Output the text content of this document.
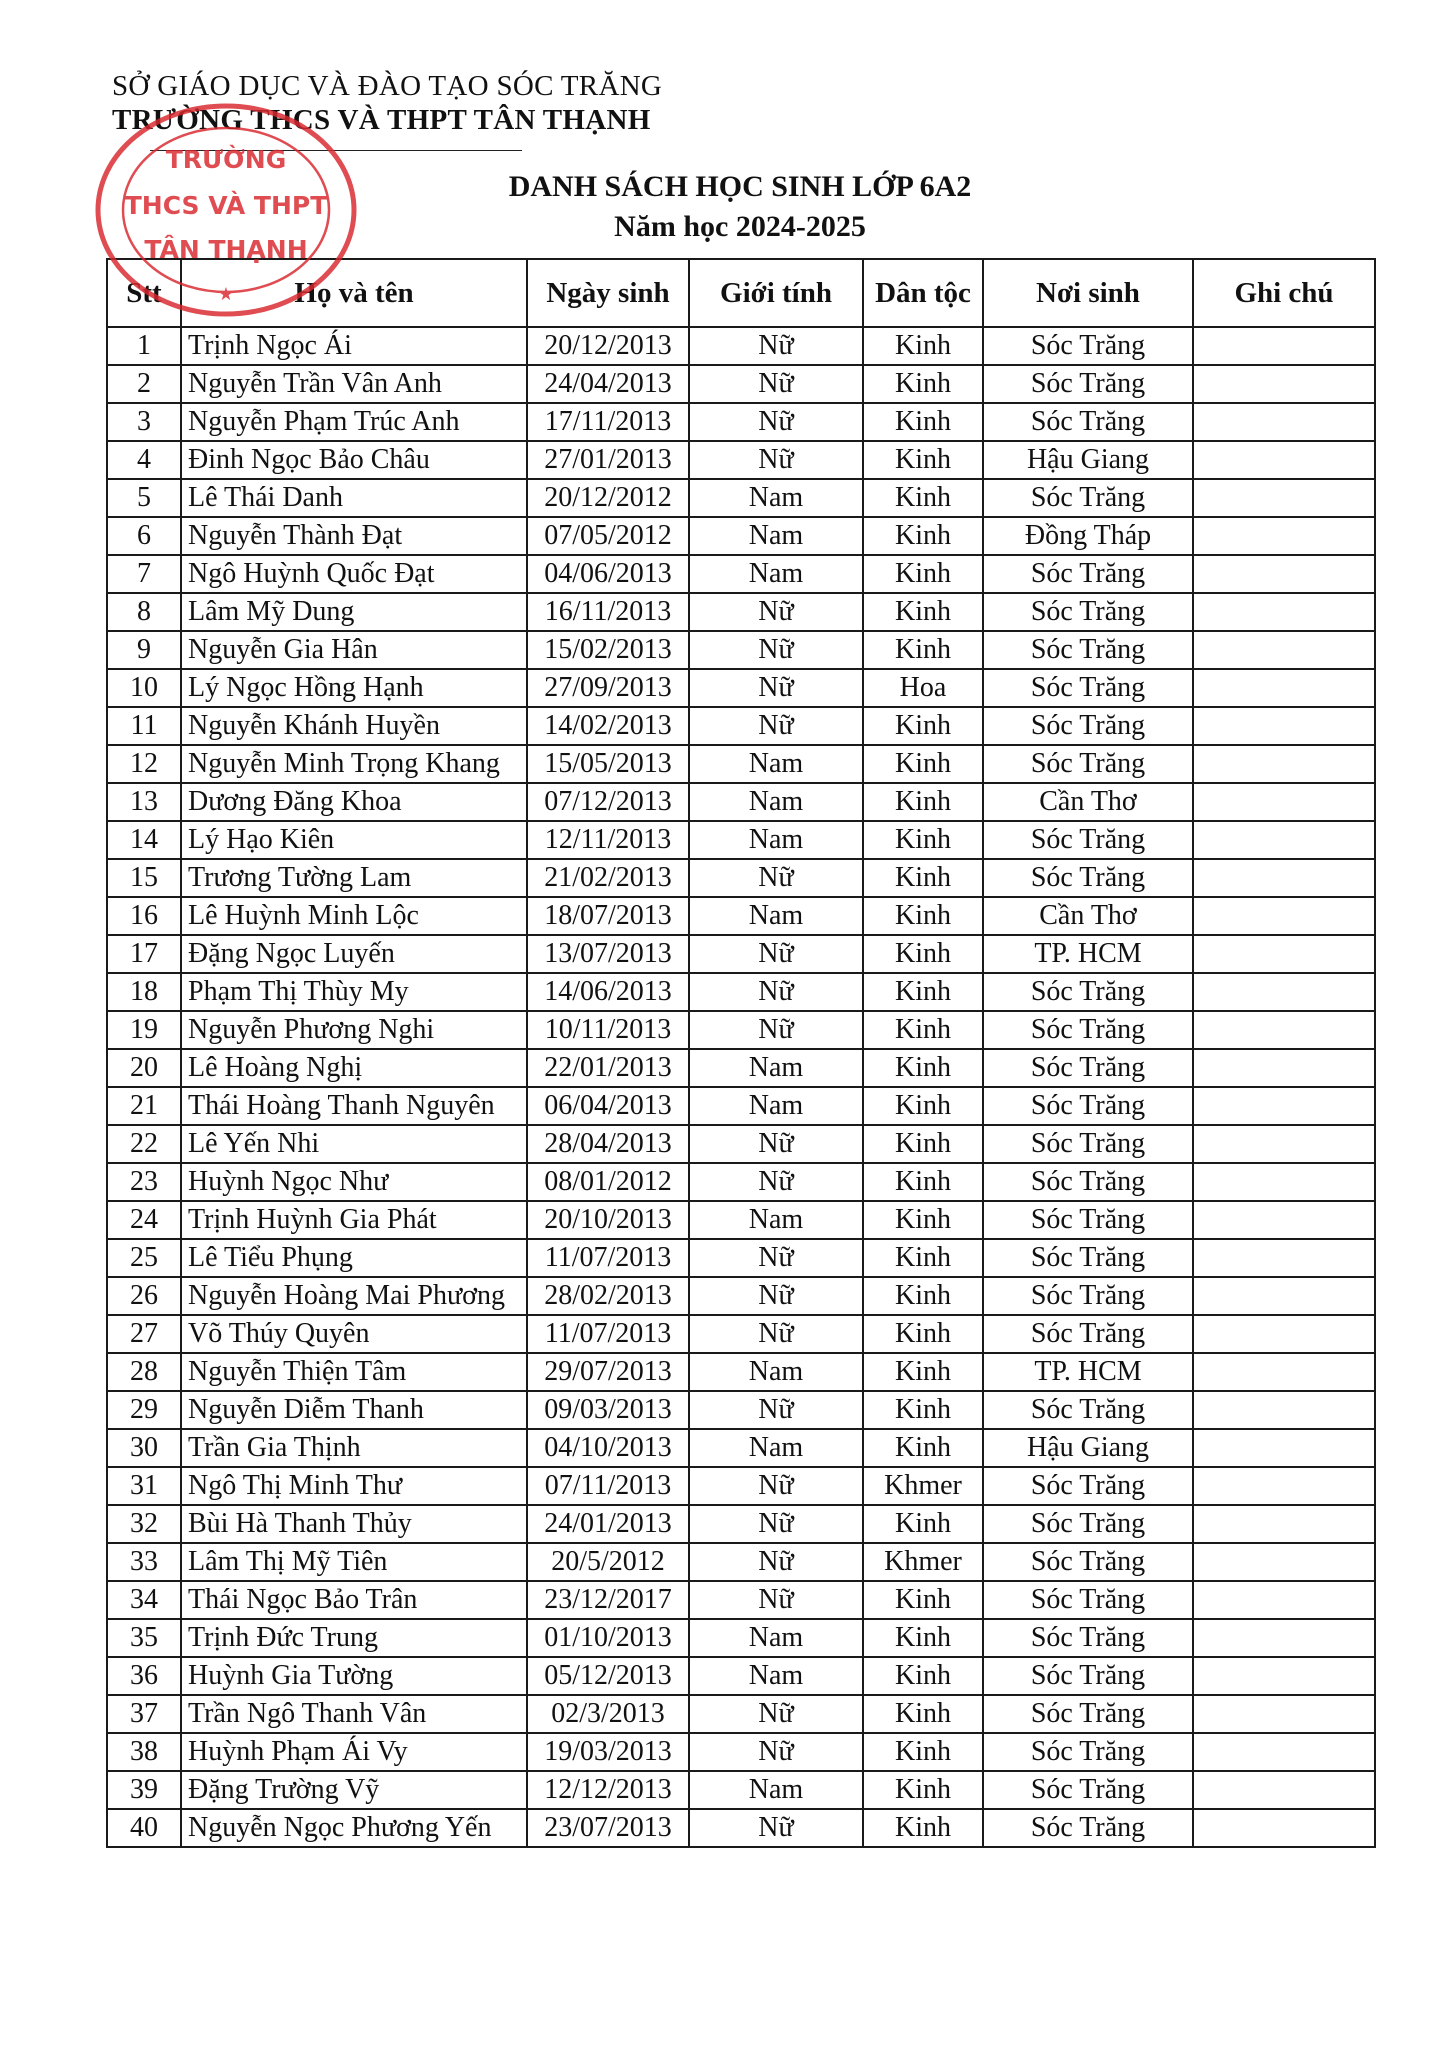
SỞ GIÁO DỤC VÀ ĐÀO TẠO SÓC TRĂNG
TRƯỜNG THCS VÀ THPT TÂN THẠNH
DANH SÁCH HỌC SINH LỚP 6A2
Năm học 2024-2025
TRƯỜNG
THCS VÀ THPT
TÂN THẠNH
★
Stt	Họ và tên	Ngày sinh	Giới tính	Dân tộc	Nơi sinh	Ghi chú
1	Trịnh Ngọc Ái	20/12/2013	Nữ	Kinh	Sóc Trăng	
2	Nguyễn Trần Vân Anh	24/04/2013	Nữ	Kinh	Sóc Trăng	
3	Nguyễn Phạm Trúc Anh	17/11/2013	Nữ	Kinh	Sóc Trăng	
4	Đinh Ngọc Bảo Châu	27/01/2013	Nữ	Kinh	Hậu Giang	
5	Lê Thái Danh	20/12/2012	Nam	Kinh	Sóc Trăng	
6	Nguyễn Thành Đạt	07/05/2012	Nam	Kinh	Đồng Tháp	
7	Ngô Huỳnh Quốc Đạt	04/06/2013	Nam	Kinh	Sóc Trăng	
8	Lâm Mỹ Dung	16/11/2013	Nữ	Kinh	Sóc Trăng	
9	Nguyễn Gia Hân	15/02/2013	Nữ	Kinh	Sóc Trăng	
10	Lý Ngọc Hồng Hạnh	27/09/2013	Nữ	Hoa	Sóc Trăng	
11	Nguyễn Khánh Huyền	14/02/2013	Nữ	Kinh	Sóc Trăng	
12	Nguyễn Minh Trọng Khang	15/05/2013	Nam	Kinh	Sóc Trăng	
13	Dương Đăng Khoa	07/12/2013	Nam	Kinh	Cần Thơ	
14	Lý Hạo Kiên	12/11/2013	Nam	Kinh	Sóc Trăng	
15	Trương Tường Lam	21/02/2013	Nữ	Kinh	Sóc Trăng	
16	Lê Huỳnh Minh Lộc	18/07/2013	Nam	Kinh	Cần Thơ	
17	Đặng Ngọc Luyến	13/07/2013	Nữ	Kinh	TP. HCM	
18	Phạm Thị Thùy My	14/06/2013	Nữ	Kinh	Sóc Trăng	
19	Nguyễn Phương Nghi	10/11/2013	Nữ	Kinh	Sóc Trăng	
20	Lê Hoàng Nghị	22/01/2013	Nam	Kinh	Sóc Trăng	
21	Thái Hoàng Thanh Nguyên	06/04/2013	Nam	Kinh	Sóc Trăng	
22	Lê Yến Nhi	28/04/2013	Nữ	Kinh	Sóc Trăng	
23	Huỳnh Ngọc Như	08/01/2012	Nữ	Kinh	Sóc Trăng	
24	Trịnh Huỳnh Gia Phát	20/10/2013	Nam	Kinh	Sóc Trăng	
25	Lê Tiểu Phụng	11/07/2013	Nữ	Kinh	Sóc Trăng	
26	Nguyễn Hoàng Mai Phương	28/02/2013	Nữ	Kinh	Sóc Trăng	
27	Võ Thúy Quyên	11/07/2013	Nữ	Kinh	Sóc Trăng	
28	Nguyễn Thiện Tâm	29/07/2013	Nam	Kinh	TP. HCM	
29	Nguyễn Diễm Thanh	09/03/2013	Nữ	Kinh	Sóc Trăng	
30	Trần Gia Thịnh	04/10/2013	Nam	Kinh	Hậu Giang	
31	Ngô Thị Minh Thư	07/11/2013	Nữ	Khmer	Sóc Trăng	
32	Bùi Hà Thanh Thủy	24/01/2013	Nữ	Kinh	Sóc Trăng	
33	Lâm Thị Mỹ Tiên	20/5/2012	Nữ	Khmer	Sóc Trăng	
34	Thái Ngọc Bảo Trân	23/12/2017	Nữ	Kinh	Sóc Trăng	
35	Trịnh Đức Trung	01/10/2013	Nam	Kinh	Sóc Trăng	
36	Huỳnh Gia Tường	05/12/2013	Nam	Kinh	Sóc Trăng	
37	Trần Ngô Thanh Vân	02/3/2013	Nữ	Kinh	Sóc Trăng	
38	Huỳnh Phạm Ái Vy	19/03/2013	Nữ	Kinh	Sóc Trăng	
39	Đặng Trường Vỹ	12/12/2013	Nam	Kinh	Sóc Trăng	
40	Nguyễn Ngọc Phương Yến	23/07/2013	Nữ	Kinh	Sóc Trăng	
